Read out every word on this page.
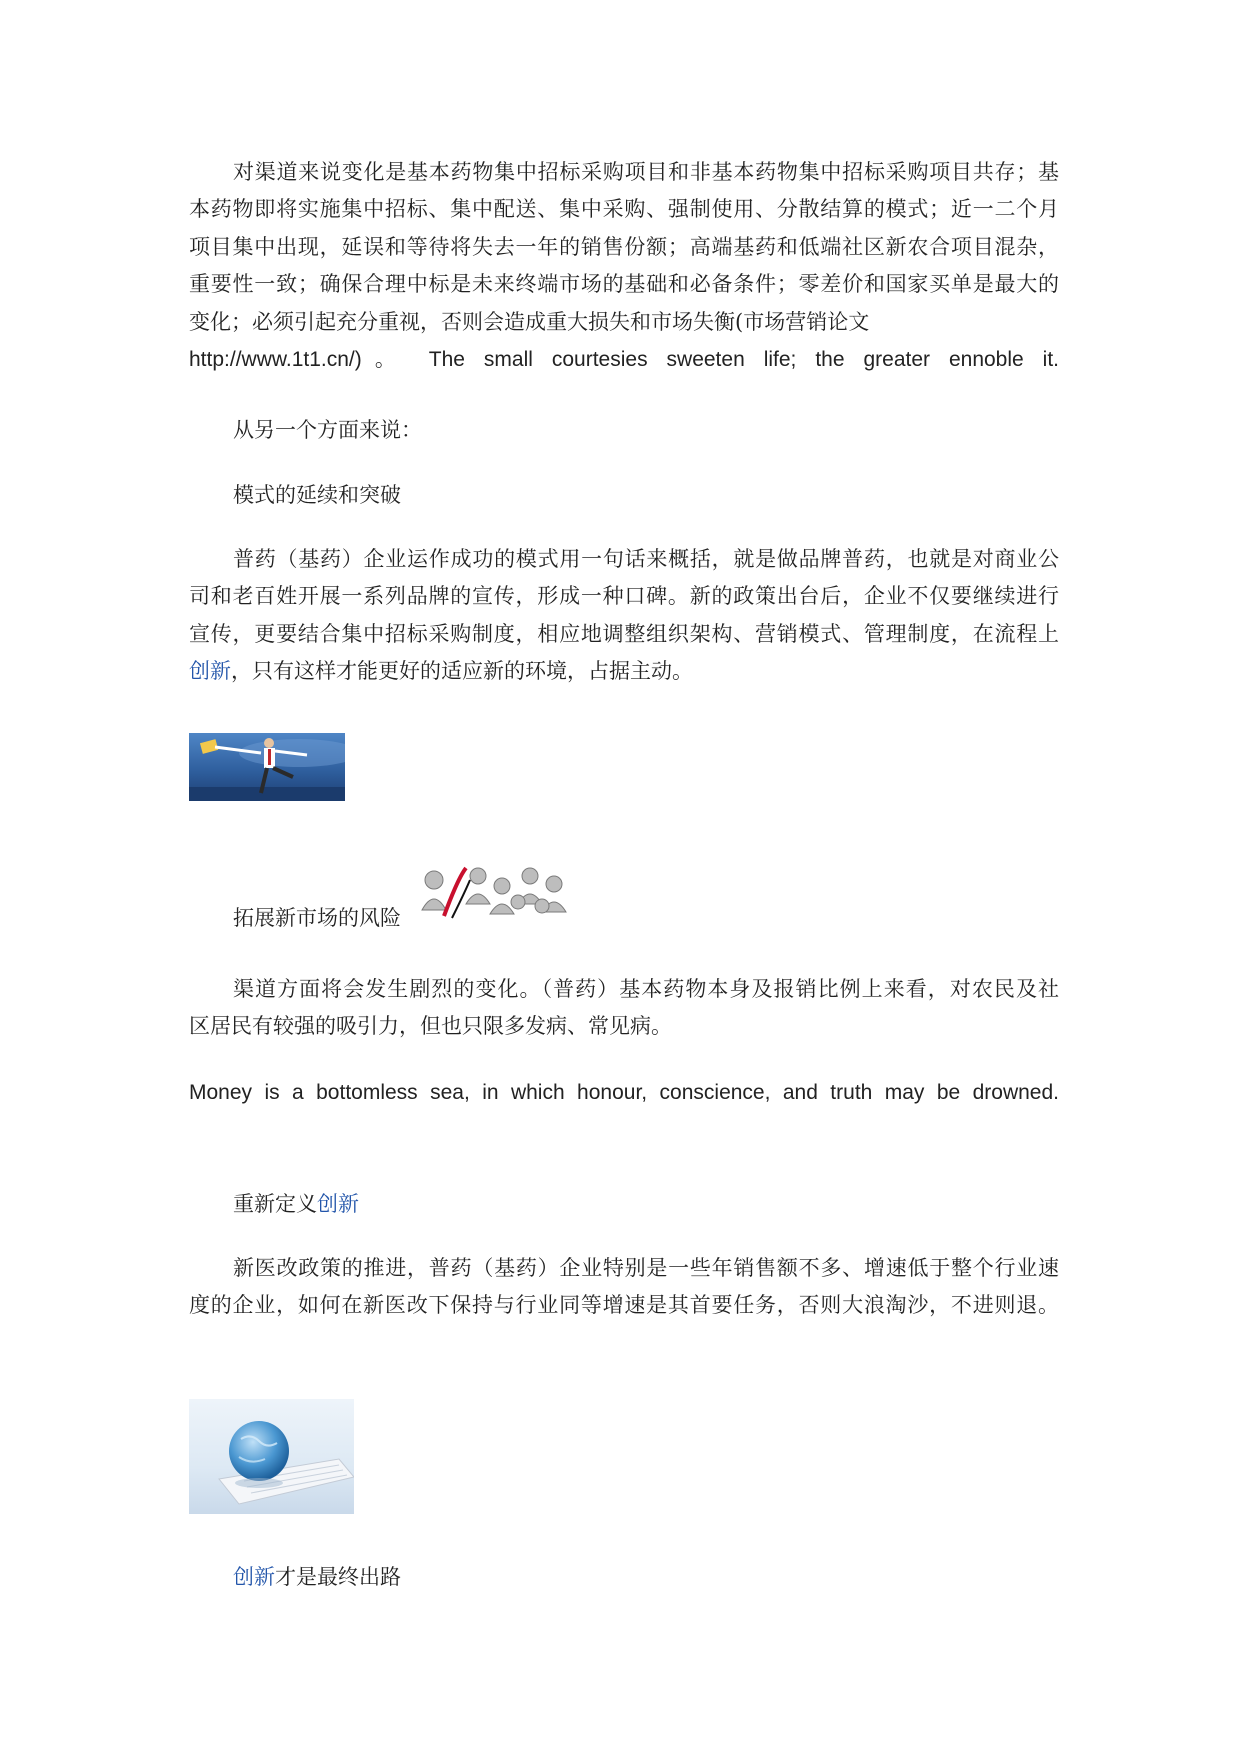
对渠道来说变化是基本药物集中招标采购项目和非基本药物集中招标采购项目共存；基
本药物即将实施集中招标、集中配送、集中采购、强制使用、分散结算的模式；近一二个月
项目集中出现，延误和等待将失去一年的销售份额；高端基药和低端社区新农合项目混杂，
重要性一致；确保合理中标是未来终端市场的基础和必备条件；零差价和国家买单是最大的
变化；必须引起充分重视，否则会造成重大损失和市场失衡(市场营销论文
http://www.1t1.cn/)。 The small courtesies sweeten life; the greater ennoble it.

从另一个方面来说：

模式的延续和突破

普药（基药）企业运作成功的模式用一句话来概括，就是做品牌普药，也就是对商业公
司和老百姓开展一系列品牌的宣传，形成一种口碑。新的政策出台后，企业不仅要继续进行
宣传，更要结合集中招标采购制度，相应地调整组织架构、营销模式、管理制度，在流程上
创新，只有这样才能更好的适应新的环境，占据主动。

拓展新市场的风险

渠道方面将会发生剧烈的变化。（普药）基本药物本身及报销比例上来看，对农民及社

区居民有较强的吸引力，但也只限多发病、常见病。

Money is a bottomless sea, in which honour, conscience, and truth may be drowned.

重新定义创新

新医改政策的推进，普药（基药）企业特别是一些年销售额不多、增速低于整个行业速
度的企业，如何在新医改下保持与行业同等增速是其首要任务，否则大浪淘沙，不进则退。

创新才是最终出路
